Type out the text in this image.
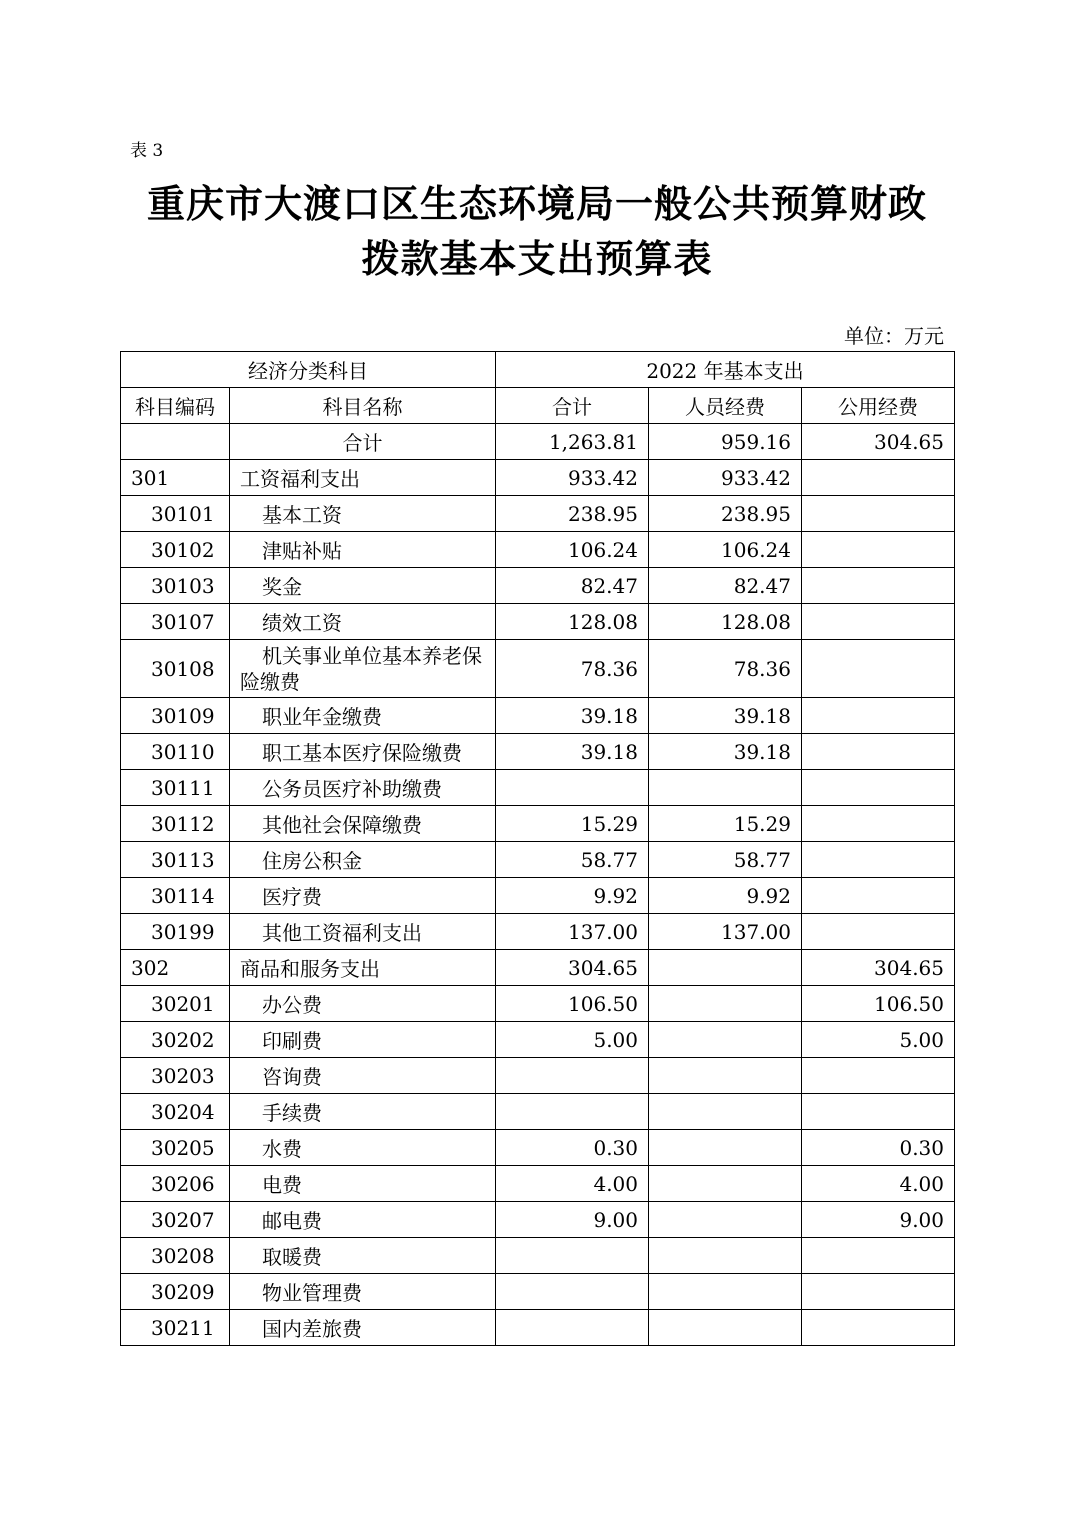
表 3
重庆市大渡口区生态环境局一般公共预算财政
拨款基本支出预算表
单位：万元
经济分类科目		2022 年基本支出		
科目编码	科目名称	合计	人员经费	公用经费
	合计	1,263.81	959.16	304.65
301	工资福利支出	933.42	933.42	
30101	基本工资	238.95	238.95	
30102	津贴补贴	106.24	106.24	
30103	奖金	82.47	82.47	
30107	绩效工资	128.08	128.08	
30108	机关事业单位基本养老保险缴费	78.36	78.36	
30109	职业年金缴费	39.18	39.18	
30110	职工基本医疗保险缴费	39.18	39.18	
30111	公务员医疗补助缴费			
30112	其他社会保障缴费	15.29	15.29	
30113	住房公积金	58.77	58.77	
30114	医疗费	9.92	9.92	
30199	其他工资福利支出	137.00	137.00	
302	商品和服务支出	304.65		304.65
30201	办公费	106.50		106.50
30202	印刷费	5.00		5.00
30203	咨询费			
30204	手续费			
30205	水费	0.30		0.30
30206	电费	4.00		4.00
30207	邮电费	9.00		9.00
30208	取暖费			
30209	物业管理费			
30211	国内差旅费			
